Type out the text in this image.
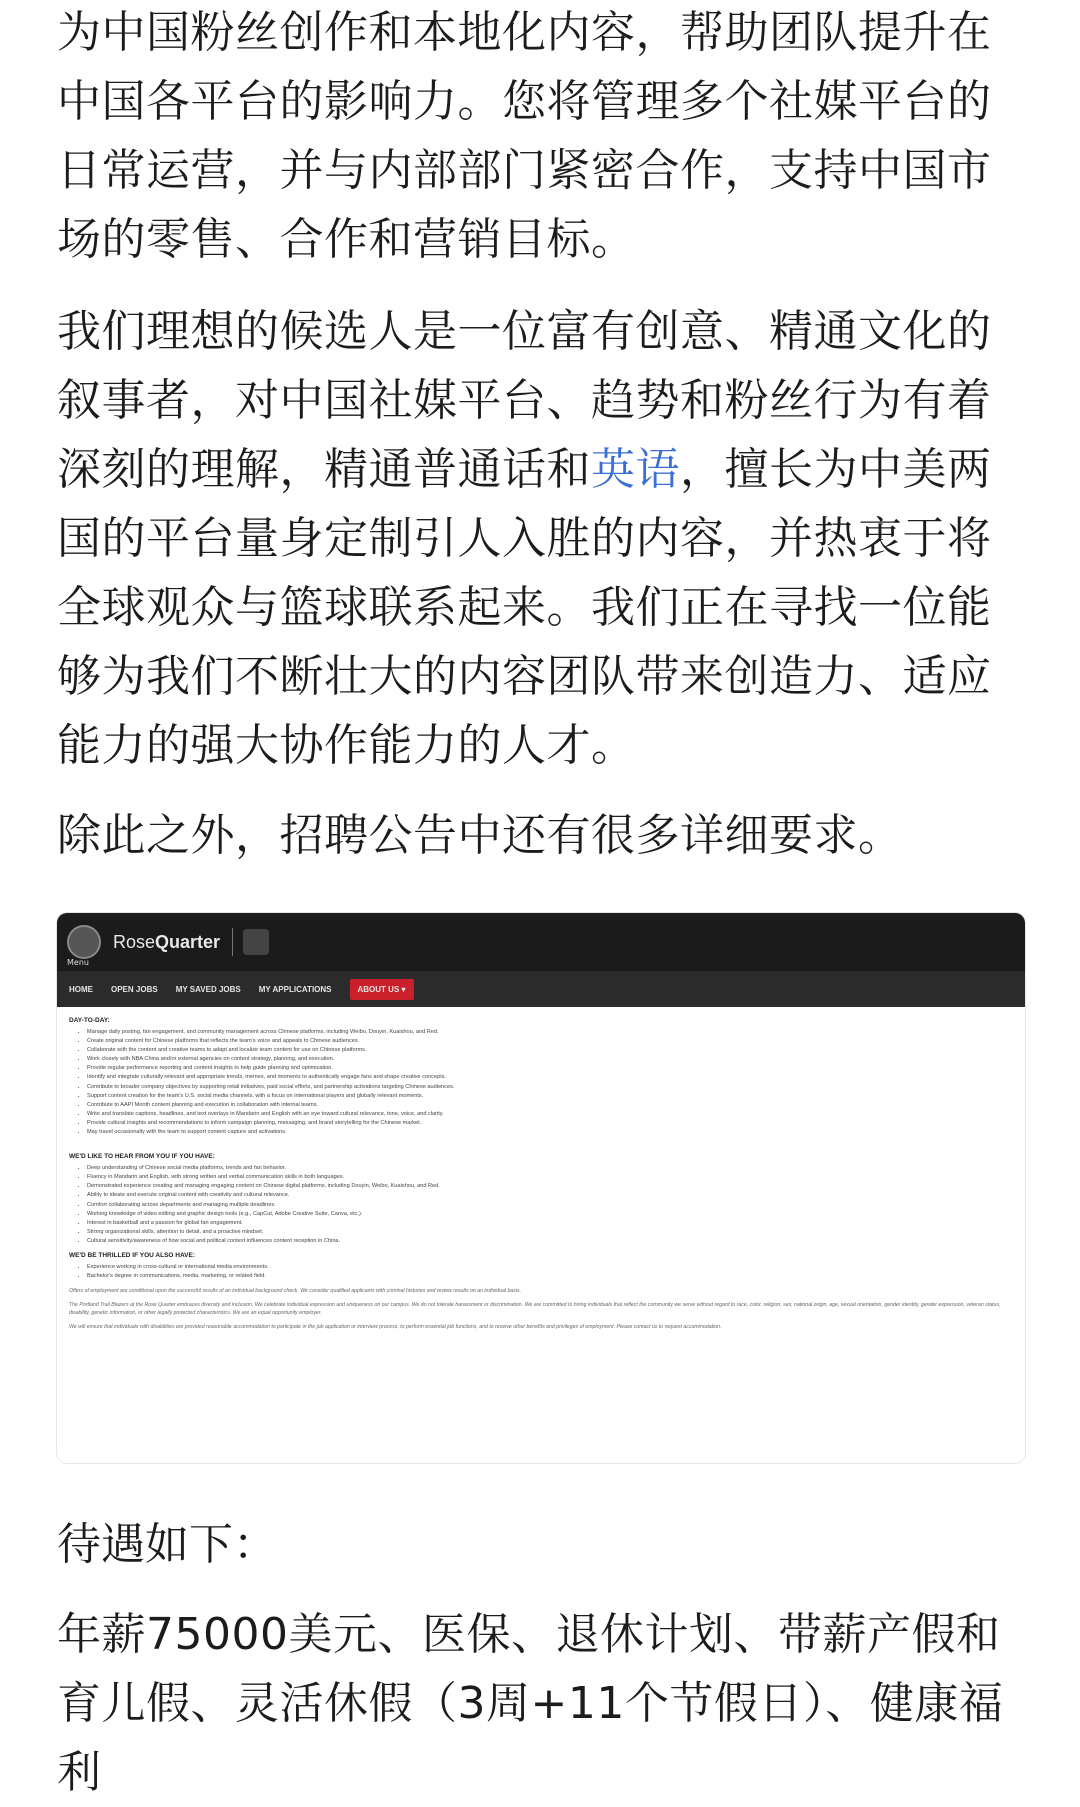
为中国粉丝创作和本地化内容，帮助团队提升在中国各平台的影响力。您将管理多个社媒平台的日常运营，并与内部部门紧密合作，支持中国市场的零售、合作和营销目标。

我们理想的候选人是一位富有创意、精通文化的叙事者，对中国社媒平台、趋势和粉丝行为有着深刻的理解，精通普通话和英语，擅长为中美两国的平台量身定制引人入胜的内容，并热衷于将全球观众与篮球联系起来。我们正在寻找一位能够为我们不断壮大的内容团队带来创造力、适应能力的强大协作能力的人才。

除此之外，招聘公告中还有很多详细要求。

RoseQuarter
Menu
HOME OPEN JOBS MY SAVED JOBS MY APPLICATIONS	ABOUT US ▾
DAY-TO-DAY:
• Manage daily posting, fan engagement, and community management across Chinese platforms, including Weibo, Douyin, Kuaishou, and Red.
• Create original content for Chinese platforms that reflects the team's voice and appeals to Chinese audiences.
• Collaborate with the content and creative teams to adapt and localize team content for use on Chinese platforms.
• Work closely with NBA China and/or external agencies on content strategy, planning, and execution.
• Provide regular performance reporting and content insights to help guide planning and optimization.
• Identify and integrate culturally relevant and appropriate trends, memes, and moments to authentically engage fans and shape creative concepts.
• Contribute to broader company objectives by supporting retail initiatives, paid social efforts, and partnership activations targeting Chinese audiences.
• Support content creation for the team's U.S. social media channels, with a focus on international players and globally relevant moments.
• Contribute to AAPI Month content planning and execution in collaboration with internal teams.
• Write and translate captions, headlines, and text overlays in Mandarin and English with an eye toward cultural relevance, tone, voice, and clarity.
• Provide cultural insights and recommendations to inform campaign planning, messaging, and brand storytelling for the Chinese market.
• May travel occasionally with the team to support content capture and activations.
WE'D LIKE TO HEAR FROM YOU IF YOU HAVE:
• Deep understanding of Chinese social media platforms, trends and fan behavior.
• Fluency in Mandarin and English, with strong written and verbal communication skills in both languages.
• Demonstrated experience creating and managing engaging content on Chinese digital platforms, including Douyin, Weibo, Kuaishou, and Red.
• Ability to ideate and execute original content with creativity and cultural relevance.
• Comfort collaborating across departments and managing multiple deadlines.
• Working knowledge of video editing and graphic design tools (e.g., CapCut, Adobe Creative Suite, Canva, etc.).
• Interest in basketball and a passion for global fan engagement.
• Strong organizational skills, attention to detail, and a proactive mindset.
• Cultural sensitivity/awareness of how social and political context influences content reception in China.
WE'D BE THRILLED IF YOU ALSO HAVE:
• Experience working in cross-cultural or international media environments.
• Bachelor's degree in communications, media, marketing, or related field.

Offers of employment are conditional upon the successful results of an individual background check. We consider qualified applicants with criminal histories and review results on an individual basis.

The Portland Trail Blazers at the Rose Quarter embraces diversity and inclusion. We celebrate individual expression and uniqueness on our campus. We do not tolerate harassment or discrimination. We are committed to hiring individuals that reflect the community we serve without regard to race, color, religion, sex, national origin, age, sexual orientation, gender identity, gender expression, veteran status, disability, genetic information, or other legally protected characteristics. We are an equal opportunity employer.

We will ensure that individuals with disabilities are provided reasonable accommodation to participate in the job application or interview process, to perform essential job functions, and to receive other benefits and privileges of employment. Please contact us to request accommodation.

待遇如下：

年薪75000美元、医保、退休计划、带薪产假和育儿假、灵活休假（3周+11个节假日）、健康福利
